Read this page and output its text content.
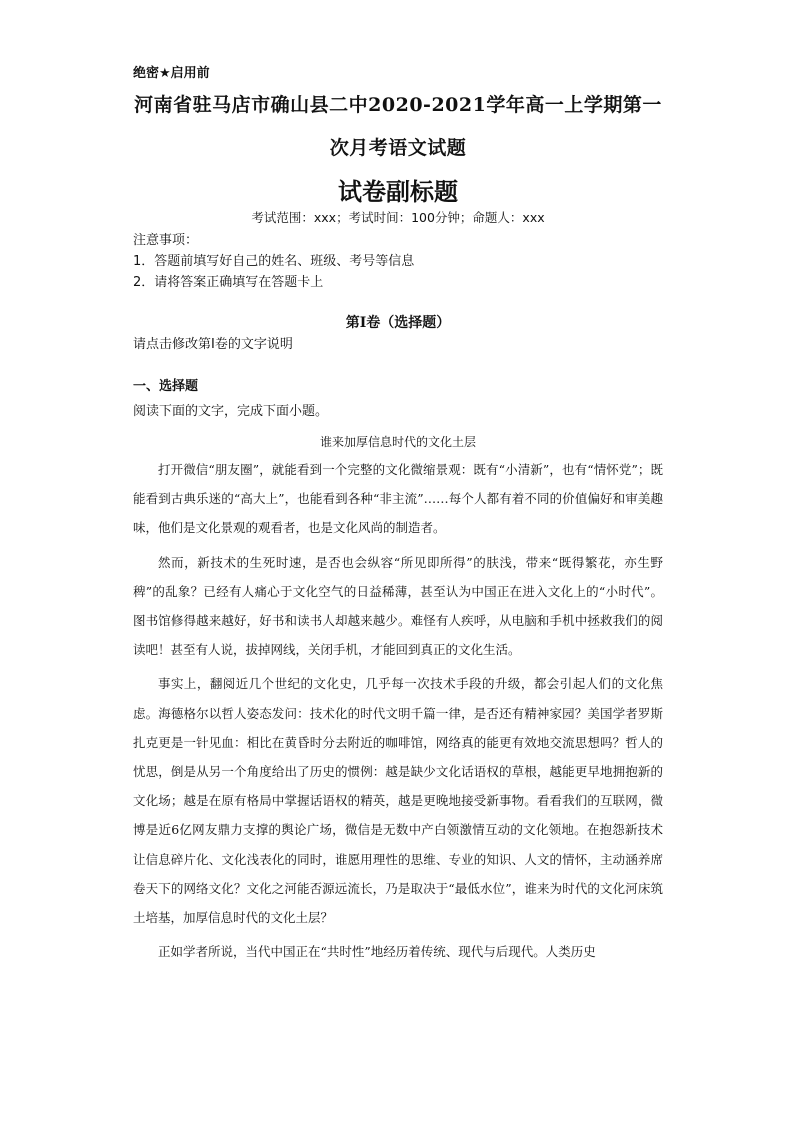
绝密★启用前
河南省驻马店市确山县二中2020-2021学年高一上学期第一
次月考语文试题
试卷副标题
考试范围：xxx；考试时间：100分钟；命题人：xxx
注意事项：
1．答题前填写好自己的姓名、班级、考号等信息
2．请将答案正确填写在答题卡上
第I卷（选择题）
请点击修改第I卷的文字说明
一、选择题
阅读下面的文字，完成下面小题。
谁来加厚信息时代的文化土层

打开微信“朋友圈”，就能看到一个完整的文化微缩景观：既有“小清新”，也有“情怀党”；既能看到古典乐迷的“高大上”，也能看到各种“非主流”……每个人都有着不同的价值偏好和审美趣味，他们是文化景观的观看者，也是文化风尚的制造者。

然而，新技术的生死时速，是否也会纵容“所见即所得”的肤浅，带来“既得繁花，亦生野稗”的乱象？已经有人痛心于文化空气的日益稀薄，甚至认为中国正在进入文化上的“小时代”。图书馆修得越来越好，好书和读书人却越来越少。难怪有人疾呼，从电脑和手机中拯救我们的阅读吧！甚至有人说，拔掉网线，关闭手机，才能回到真正的文化生活。

事实上，翻阅近几个世纪的文化史，几乎每一次技术手段的升级，都会引起人们的文化焦虑。海德格尔以哲人姿态发问：技术化的时代文明千篇一律，是否还有精神家园？美国学者罗斯扎克更是一针见血：相比在黄昏时分去附近的咖啡馆，网络真的能更有效地交流思想吗？哲人的忧思，倒是从另一个角度给出了历史的惯例：越是缺少文化话语权的草根，越能更早地拥抱新的文化场；越是在原有格局中掌握话语权的精英，越是更晚地接受新事物。看看我们的互联网，微博是近6亿网友鼎力支撑的舆论广场，微信是无数中产白领激情互动的文化领地。在抱怨新技术让信息碎片化、文化浅表化的同时，谁愿用理性的思维、专业的知识、人文的情怀，主动涵养席卷天下的网络文化？文化之河能否源远流长，乃是取决于“最低水位”，谁来为时代的文化河床筑土培基，加厚信息时代的文化土层？

正如学者所说，当代中国正在“共时性”地经历着传统、现代与后现代。人类历史
